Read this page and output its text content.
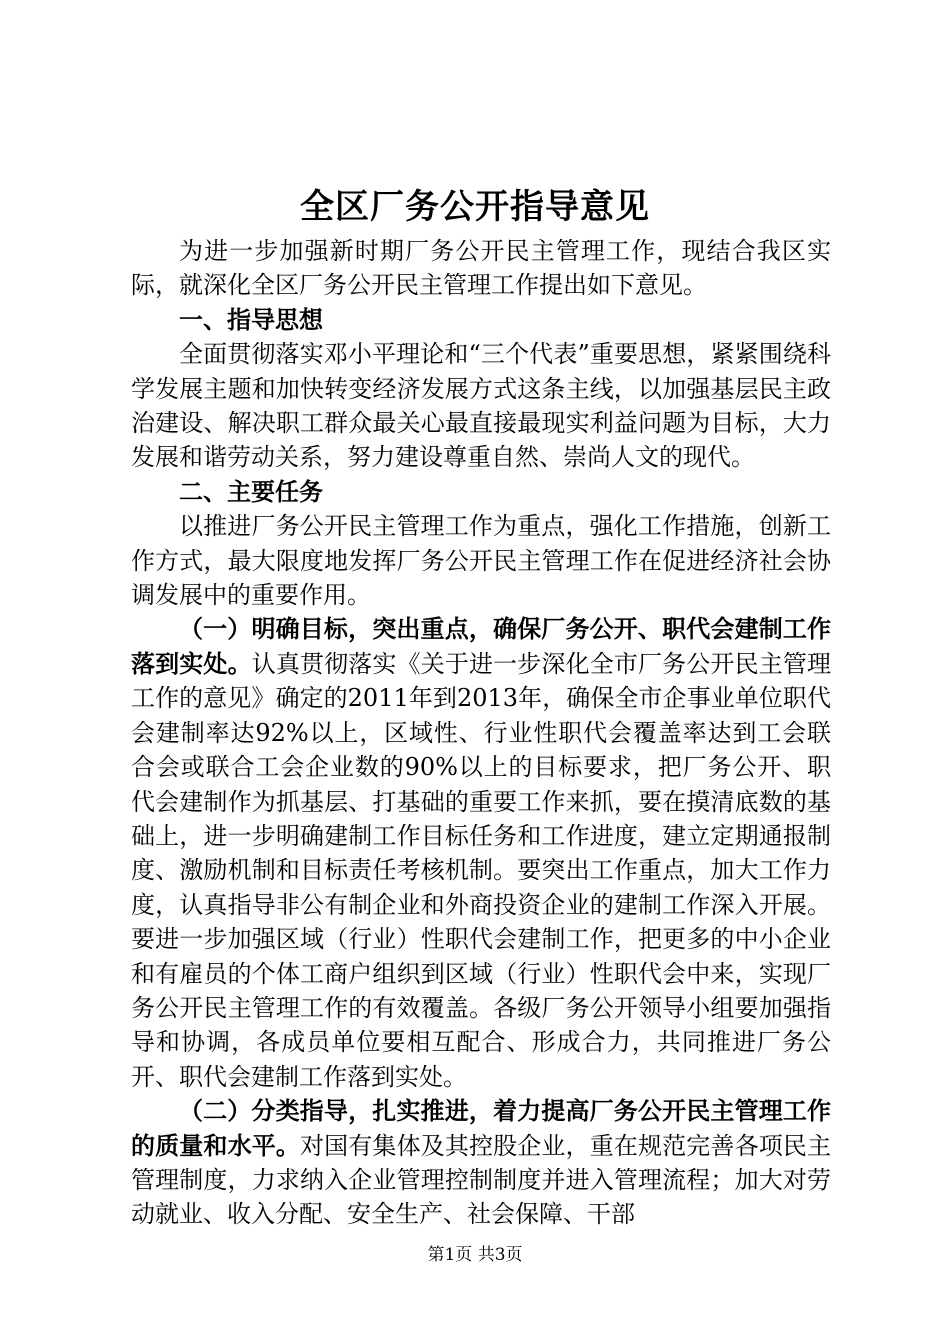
全区厂务公开指导意见

为进一步加强新时期厂务公开民主管理工作，现结合我区实际，就深化全区厂务公开民主管理工作提出如下意见。

一、指导思想

全面贯彻落实邓小平理论和“三个代表”重要思想，紧紧围绕科学发展主题和加快转变经济发展方式这条主线，以加强基层民主政治建设、解决职工群众最关心最直接最现实利益问题为目标，大力发展和谐劳动关系，努力建设尊重自然、崇尚人文的现代。

二、主要任务

以推进厂务公开民主管理工作为重点，强化工作措施，创新工作方式，最大限度地发挥厂务公开民主管理工作在促进经济社会协调发展中的重要作用。

（一）明确目标，突出重点，确保厂务公开、职代会建制工作落到实处。认真贯彻落实《关于进一步深化全市厂务公开民主管理工作的意见》确定的2011年到2013年，确保全市企事业单位职代会建制率达92%以上，区域性、行业性职代会覆盖率达到工会联合会或联合工会企业数的90%以上的目标要求，把厂务公开、职代会建制作为抓基层、打基础的重要工作来抓，要在摸清底数的基础上，进一步明确建制工作目标任务和工作进度，建立定期通报制度、激励机制和目标责任考核机制。要突出工作重点，加大工作力度，认真指导非公有制企业和外商投资企业的建制工作深入开展。要进一步加强区域（行业）性职代会建制工作，把更多的中小企业和有雇员的个体工商户组织到区域（行业）性职代会中来，实现厂务公开民主管理工作的有效覆盖。各级厂务公开领导小组要加强指导和协调，各成员单位要相互配合、形成合力，共同推进厂务公开、职代会建制工作落到实处。

（二）分类指导，扎实推进，着力提高厂务公开民主管理工作的质量和水平。对国有集体及其控股企业，重在规范完善各项民主管理制度，力求纳入企业管理控制制度并进入管理流程；加大对劳动就业、收入分配、安全生产、社会保障、干部

第1页 共3页
